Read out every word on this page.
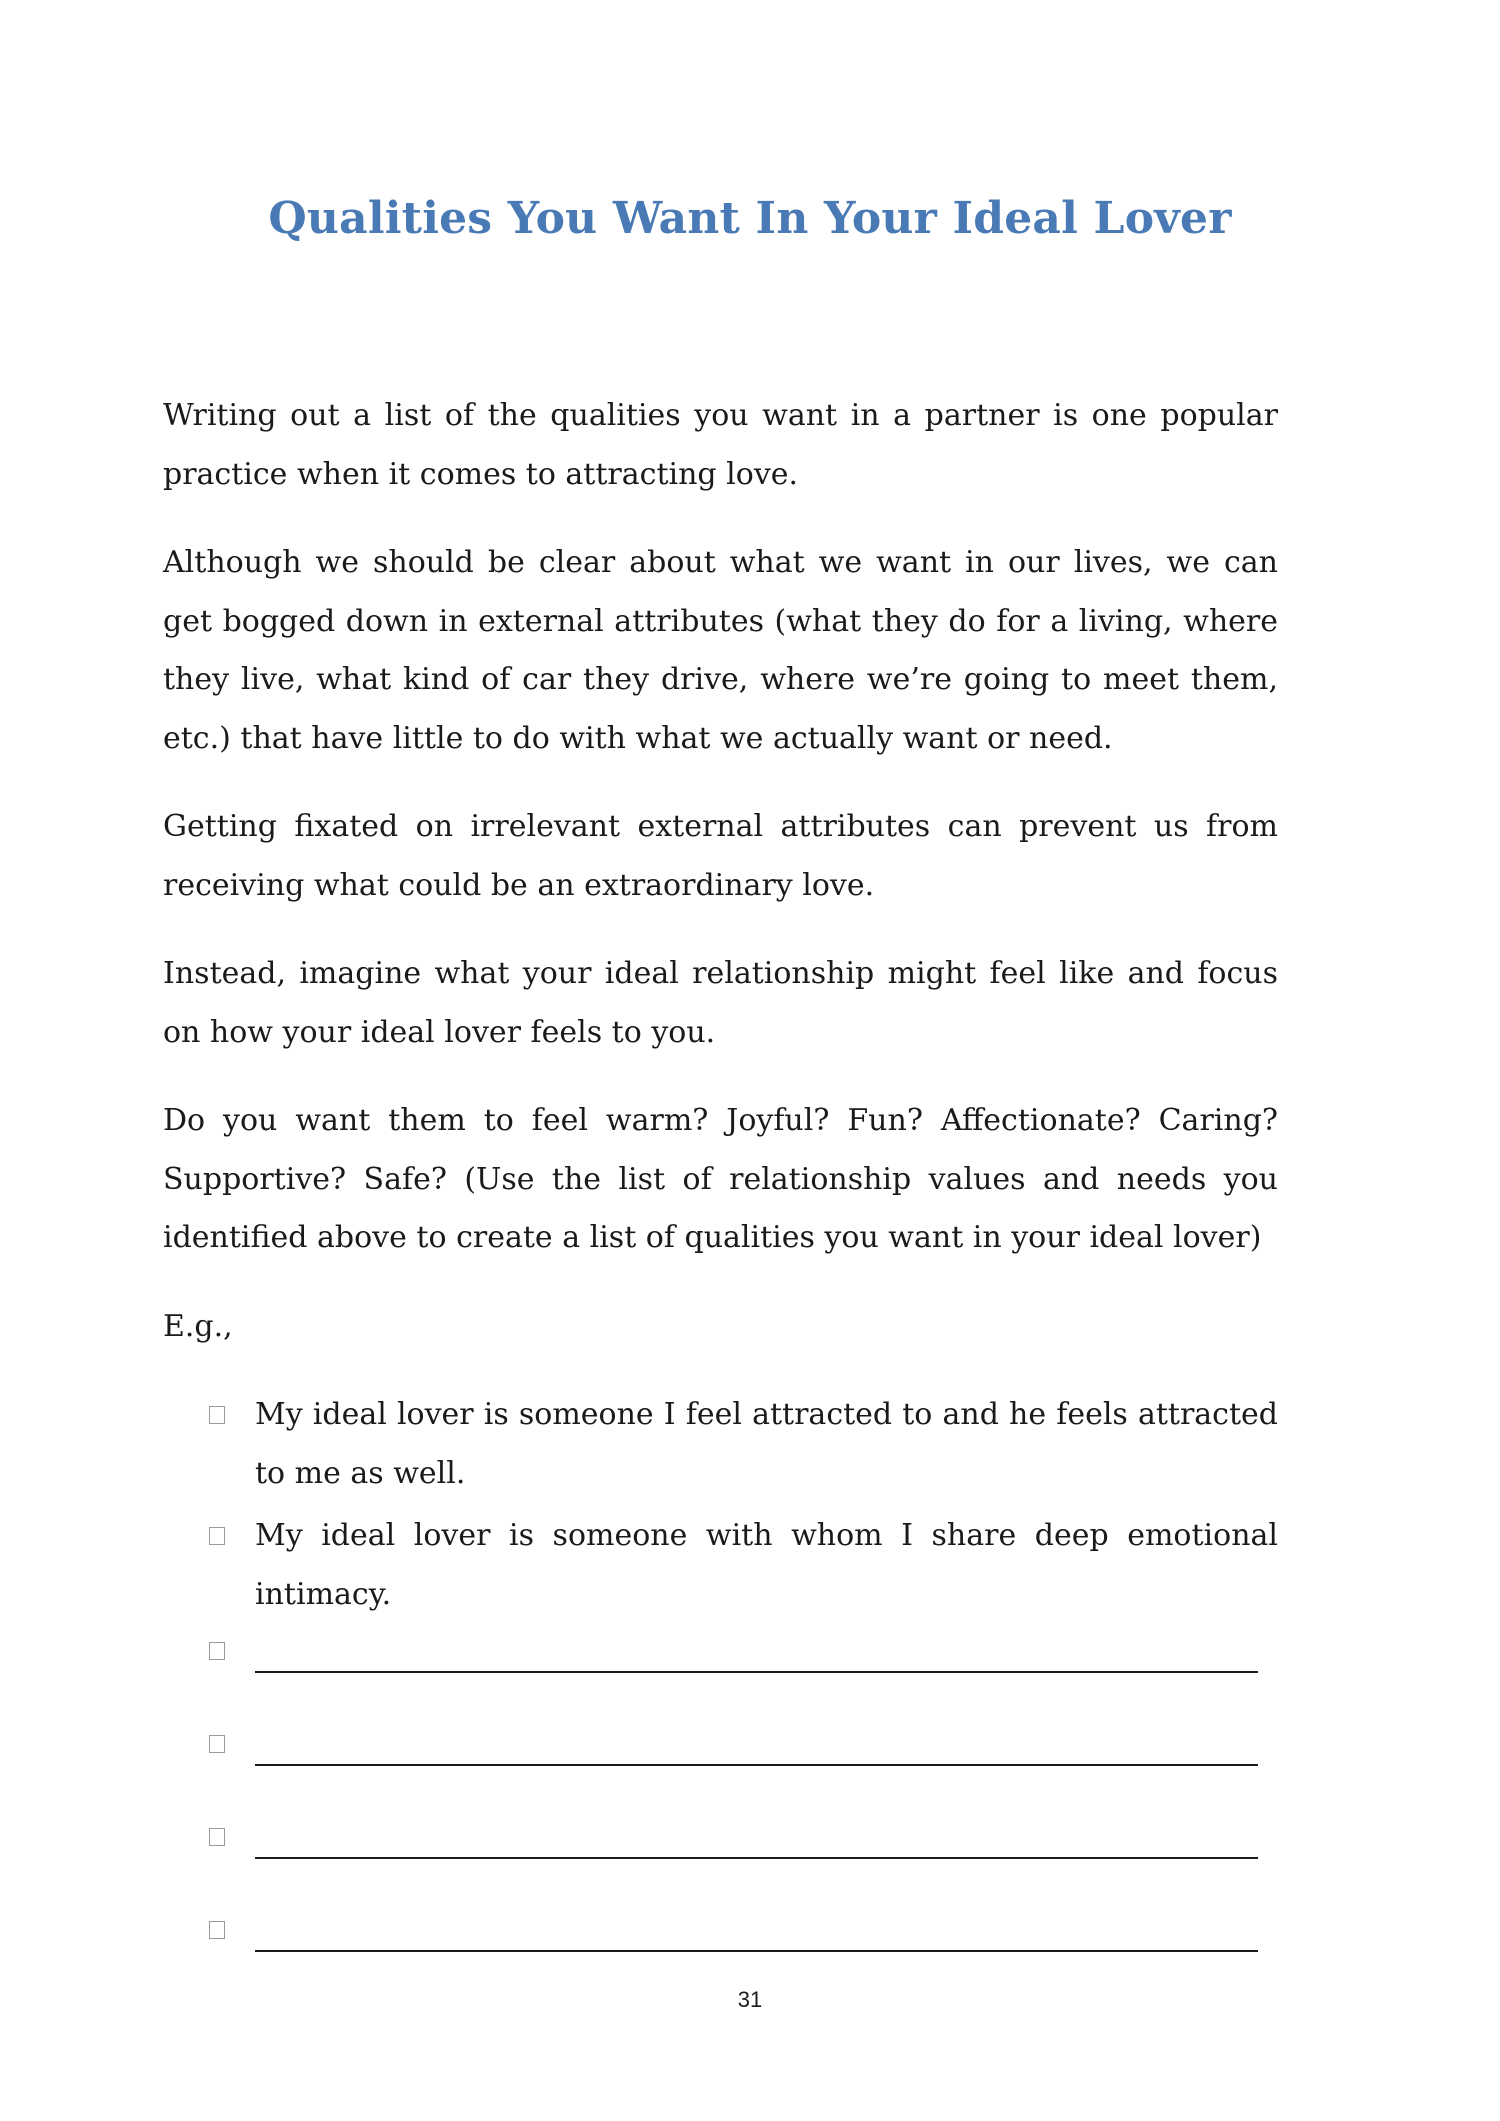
Qualities You Want In Your Ideal Lover

Writing out a list of the qualities you want in a partner is one popular practice when it comes to attracting love.

Although we should be clear about what we want in our lives, we can get bogged down in external attributes (what they do for a living, where they live, what kind of car they drive, where we’re going to meet them, etc.) that have little to do with what we actually want or need.

Getting fixated on irrelevant external attributes can prevent us from receiving what could be an extraordinary love.

Instead, imagine what your ideal relationship might feel like and focus on how your ideal lover feels to you.

Do you want them to feel warm? Joyful? Fun? Affectionate? Caring? Supportive? Safe? (Use the list of relationship values and needs you identified above to create a list of qualities you want in your ideal lover)

E.g.,

My ideal lover is someone I feel attracted to and he feels attracted to me as well.
My ideal lover is someone with whom I share deep emotional intimacy.
31
